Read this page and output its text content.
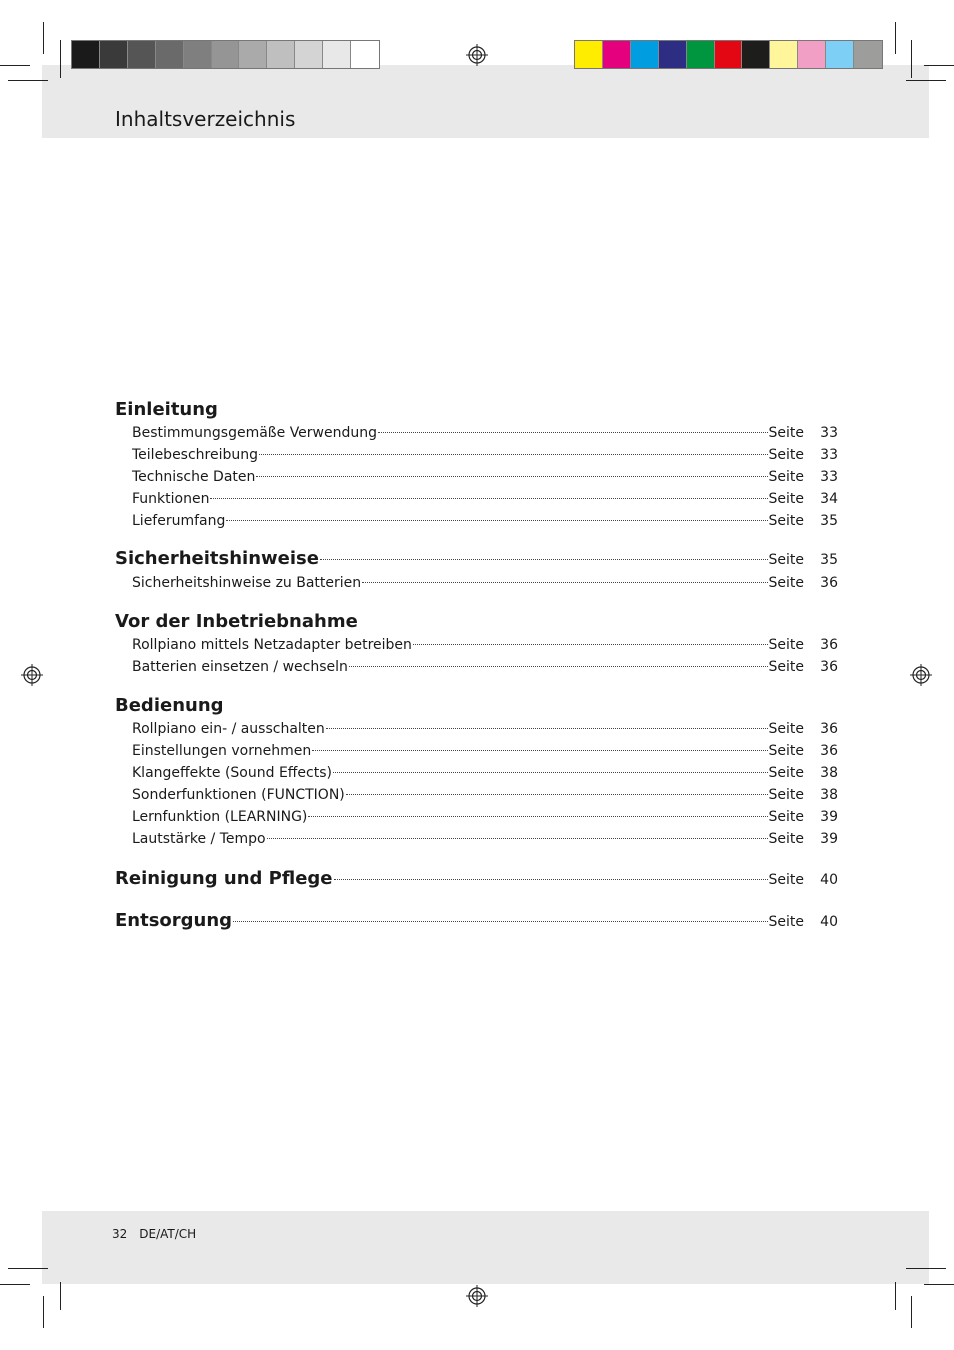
Inhaltsverzeichnis
Einleitung
Bestimmungsgemäße Verwendung	Seite	33
Teilebeschreibung	Seite	33
Technische Daten	Seite	33
Funktionen	Seite	34
Lieferumfang	Seite	35
Sicherheitshinweise	Seite	35
Sicherheitshinweise zu Batterien	Seite	36
Vor der Inbetriebnahme
Rollpiano mittels Netzadapter betreiben	Seite	36
Batterien einsetzen / wechseln	Seite	36
Bedienung
Rollpiano ein- / ausschalten	Seite	36
Einstellungen vornehmen	Seite	36
Klangeffekte (Sound Effects)	Seite	38
Sonderfunktionen (FUNCTION)	Seite	38
Lernfunktion (LEARNING)	Seite	39
Lautstärke / Tempo	Seite	39
Reinigung und Pflege	Seite	40
Entsorgung	Seite	40
32 DE/AT/CH
